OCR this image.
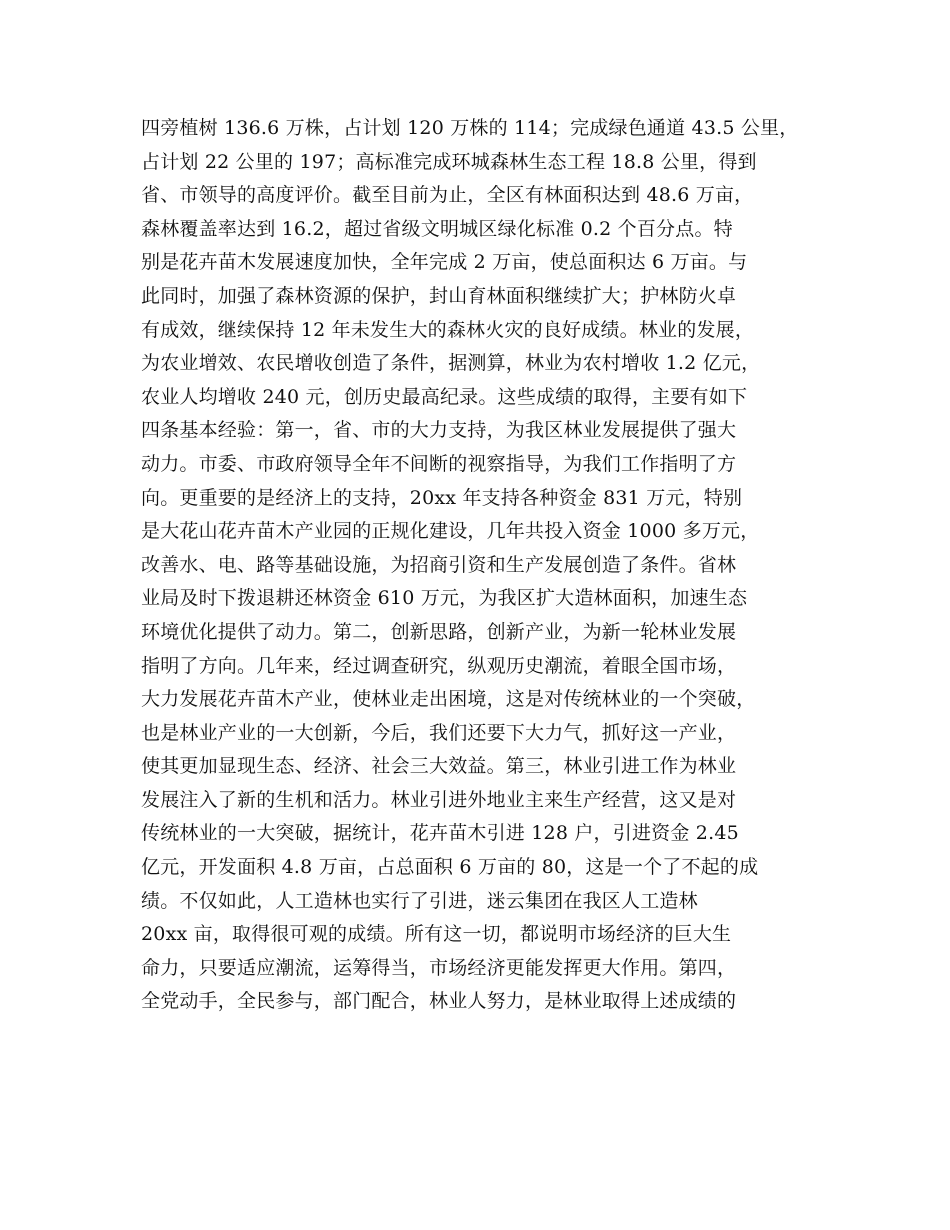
四旁植树 136.6 万株，占计划 120 万株的 114；完成绿色通道 43.5 公里，
占计划 22 公里的 197；高标准完成环城森林生态工程 18.8 公里，得到
省、市领导的高度评价。截至目前为止，全区有林面积达到 48.6 万亩，
森林覆盖率达到 16.2，超过省级文明城区绿化标准 0.2 个百分点。特
别是花卉苗木发展速度加快，全年完成 2 万亩，使总面积达 6 万亩。与
此同时，加强了森林资源的保护，封山育林面积继续扩大；护林防火卓
有成效，继续保持 12 年未发生大的森林火灾的良好成绩。林业的发展，
为农业增效、农民增收创造了条件，据测算，林业为农村增收 1.2 亿元，
农业人均增收 240 元，创历史最高纪录。这些成绩的取得，主要有如下
四条基本经验：第一，省、市的大力支持，为我区林业发展提供了强大
动力。市委、市政府领导全年不间断的视察指导，为我们工作指明了方
向。更重要的是经济上的支持，20xx 年支持各种资金 831 万元，特别
是大花山花卉苗木产业园的正规化建设，几年共投入资金 1000 多万元，
改善水、电、路等基础设施，为招商引资和生产发展创造了条件。省林
业局及时下拨退耕还林资金 610 万元，为我区扩大造林面积，加速生态
环境优化提供了动力。第二，创新思路，创新产业，为新一轮林业发展
指明了方向。几年来，经过调查研究，纵观历史潮流，着眼全国市场，
大力发展花卉苗木产业，使林业走出困境，这是对传统林业的一个突破，
也是林业产业的一大创新，今后，我们还要下大力气，抓好这一产业，
使其更加显现生态、经济、社会三大效益。第三，林业引进工作为林业
发展注入了新的生机和活力。林业引进外地业主来生产经营，这又是对
传统林业的一大突破，据统计，花卉苗木引进 128 户，引进资金 2.45
亿元，开发面积 4.8 万亩，占总面积 6 万亩的 80，这是一个了不起的成
绩。不仅如此，人工造林也实行了引进，迷云集团在我区人工造林
20xx 亩，取得很可观的成绩。所有这一切，都说明市场经济的巨大生
命力，只要适应潮流，运筹得当，市场经济更能发挥更大作用。第四，
全党动手，全民参与，部门配合，林业人努力，是林业取得上述成绩的
